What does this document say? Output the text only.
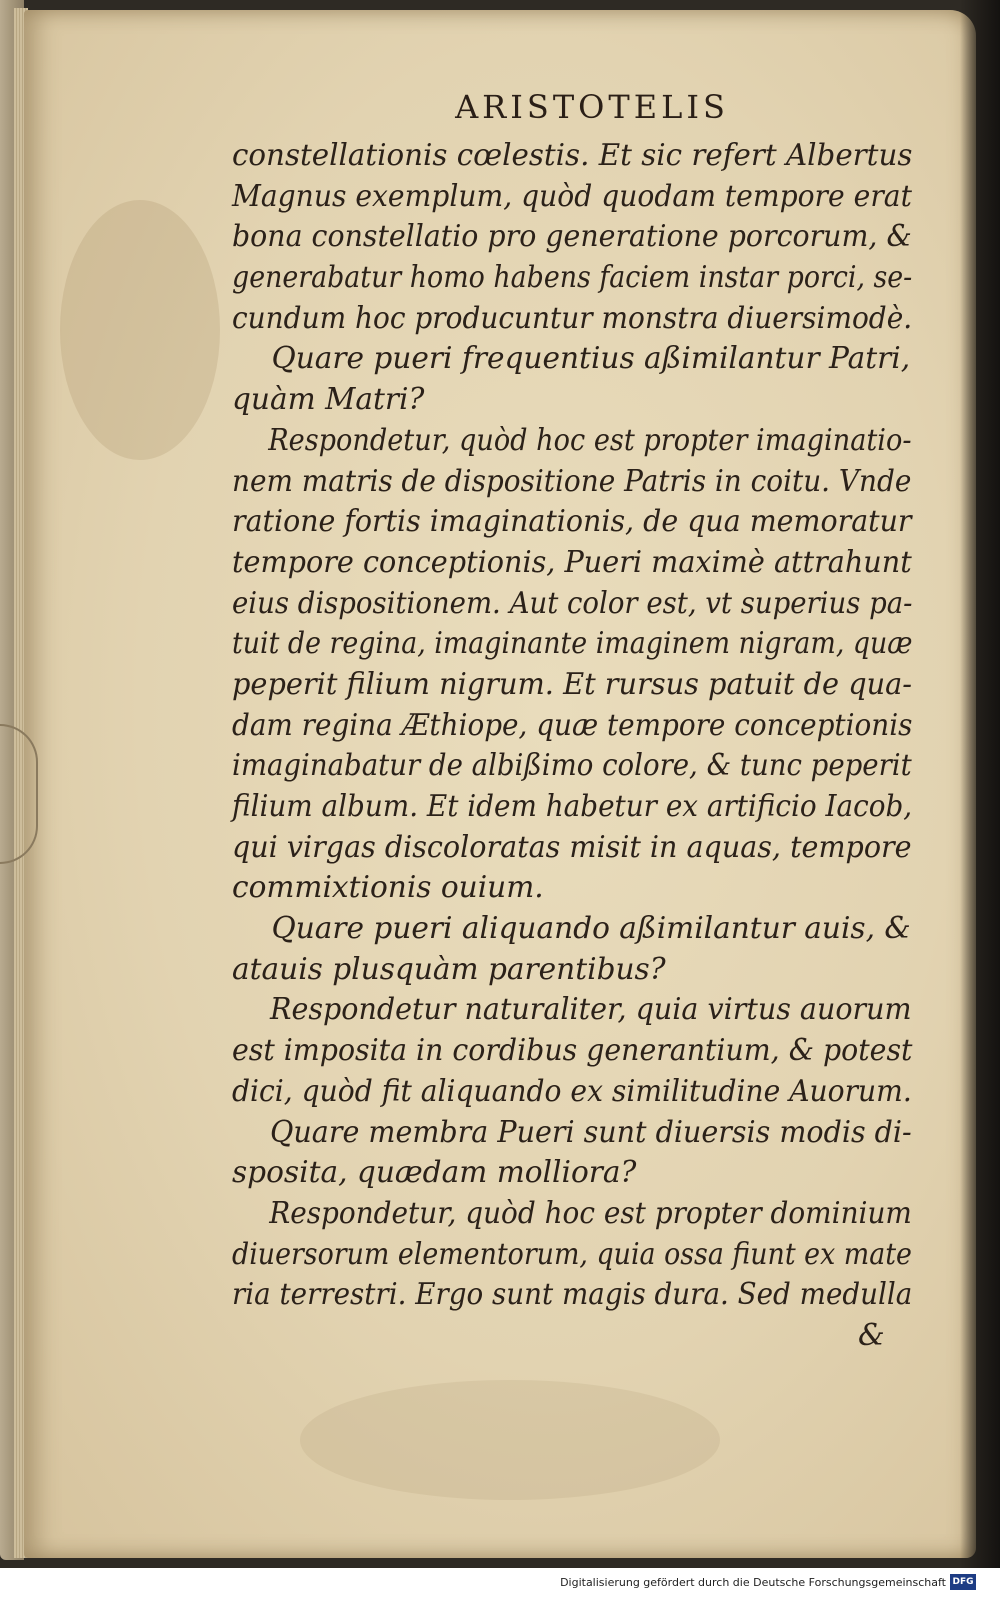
ARISTOTELIS
constellationis cœlestis. Et sic refert Albertus
Magnus exemplum, quòd quodam tempore erat
bona constellatio pro generatione porcorum, &
generabatur homo habens faciem instar porci, se-
cundum hoc producuntur monstra diuersimodè.
Quare pueri frequentius aßimilantur Patri,
quàm Matri?
Respondetur, quòd hoc est propter imaginatio-
nem matris de dispositione Patris in coitu. Vnde
ratione fortis imaginationis, de qua memoratur
tempore conceptionis, Pueri maximè attrahunt
eius dispositionem. Aut color est, vt superius pa-
tuit de regina, imaginante imaginem nigram, quæ
peperit filium nigrum. Et rursus patuit de qua-
dam regina Æthiope, quæ tempore conceptionis
imaginabatur de albißimo colore, & tunc peperit
filium album. Et idem habetur ex artificio Iacob,
qui virgas discoloratas misit in aquas, tempore
commixtionis ouium.
Quare pueri aliquando aßimilantur auis, &
atauis plusquàm parentibus?
Respondetur naturaliter, quia virtus auorum
est imposita in cordibus generantium, & potest
dici, quòd fit aliquando ex similitudine Auorum.
Quare membra Pueri sunt diuersis modis di-
sposita, quædam molliora?
Respondetur, quòd hoc est propter dominium
diuersorum elementorum, quia ossa fiunt ex mate
ria terrestri. Ergo sunt magis dura. Sed medulla
&
Digitalisierung gefördert durch die Deutsche Forschungsgemeinschaft DFG
